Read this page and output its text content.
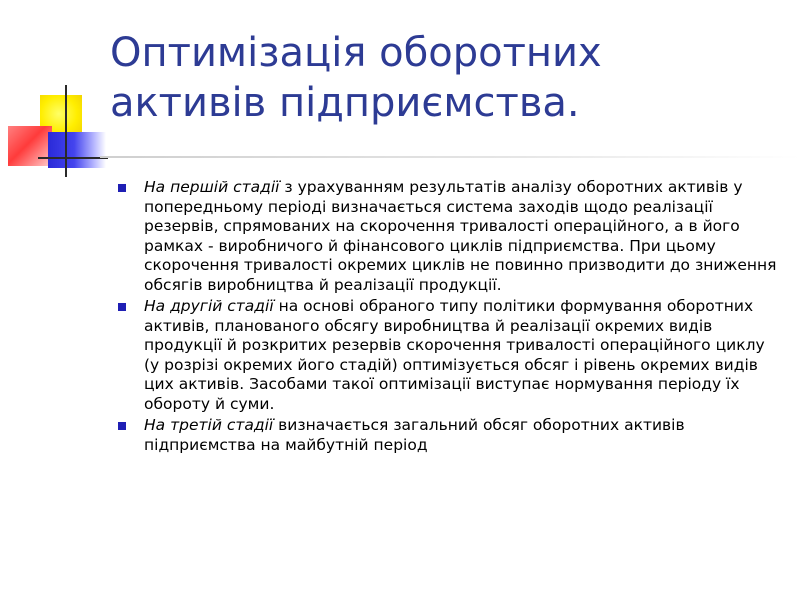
Оптимізація оборотних
активів підприємства.
На першій стадії з урахуванням результатів аналізу оборотних активів у попередньому періоді визначається система заходів щодо реалізації резервів, спрямованих на скорочення тривалості операційного, а в його рамках - виробничого й фінансового циклів підприємства. При цьому скорочення тривалості окремих циклів не повинно призводити до зниження обсягів виробництва й реалізації продукції.
На другій стадії на основі обраного типу політики формування оборотних активів, планованого обсягу виробництва й реалізації окремих видів продукції й розкритих резервів скорочення тривалості операційного циклу (у розрізі окремих його стадій) оптимізується обсяг і рівень окремих видів цих активів. Засобами такої оптимізації виступає нормування періоду їх обороту й суми.
На третій стадії визначається загальний обсяг оборотних активів підприємства на майбутній період
